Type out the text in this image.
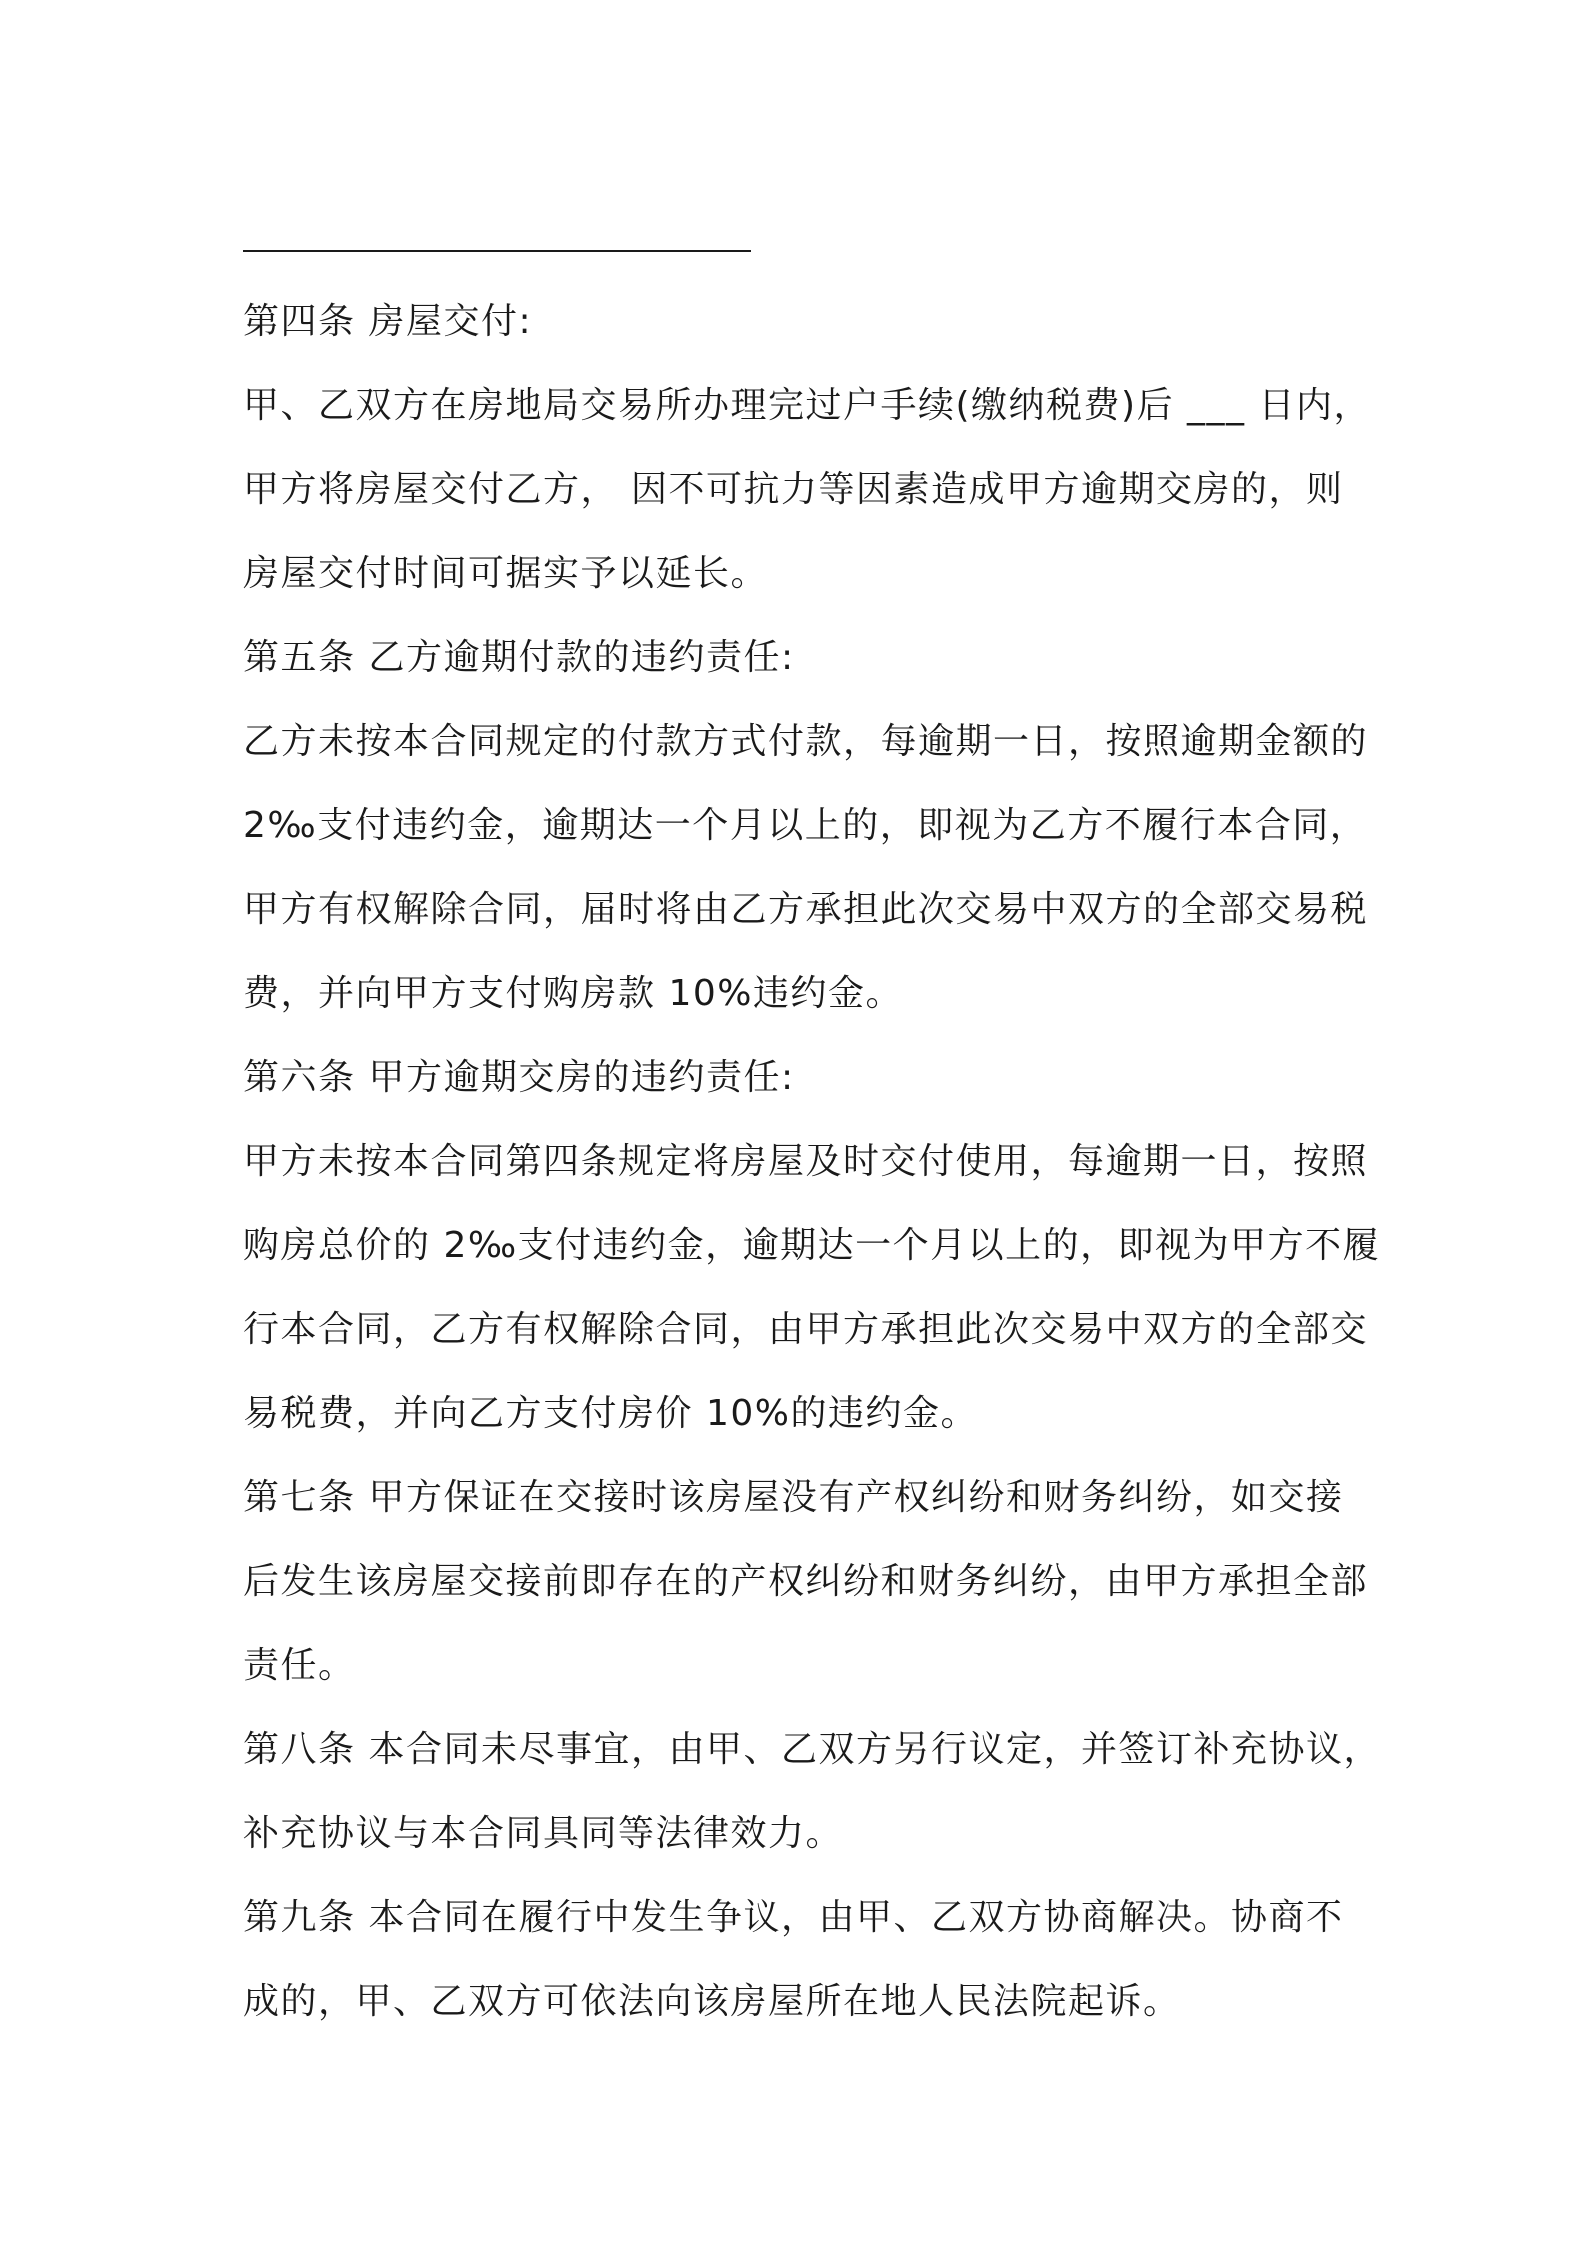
第四条 房屋交付:
甲、乙双方在房地局交易所办理完过户手续(缴纳税费)后 ___ 日内，
甲方将房屋交付乙方， 因不可抗力等因素造成甲方逾期交房的，则
房屋交付时间可据实予以延长。
第五条 乙方逾期付款的违约责任:
乙方未按本合同规定的付款方式付款，每逾期一日，按照逾期金额的
2‰支付违约金，逾期达一个月以上的，即视为乙方不履行本合同，
甲方有权解除合同，届时将由乙方承担此次交易中双方的全部交易税
费，并向甲方支付购房款 10%违约金。
第六条 甲方逾期交房的违约责任:
甲方未按本合同第四条规定将房屋及时交付使用，每逾期一日，按照
购房总价的 2‰支付违约金，逾期达一个月以上的，即视为甲方不履
行本合同，乙方有权解除合同，由甲方承担此次交易中双方的全部交
易税费，并向乙方支付房价 10%的违约金。
第七条 甲方保证在交接时该房屋没有产权纠纷和财务纠纷，如交接
后发生该房屋交接前即存在的产权纠纷和财务纠纷，由甲方承担全部
责任。
第八条 本合同未尽事宜，由甲、乙双方另行议定，并签订补充协议，
补充协议与本合同具同等法律效力。
第九条 本合同在履行中发生争议，由甲、乙双方协商解决。协商不
成的，甲、乙双方可依法向该房屋所在地人民法院起诉。
